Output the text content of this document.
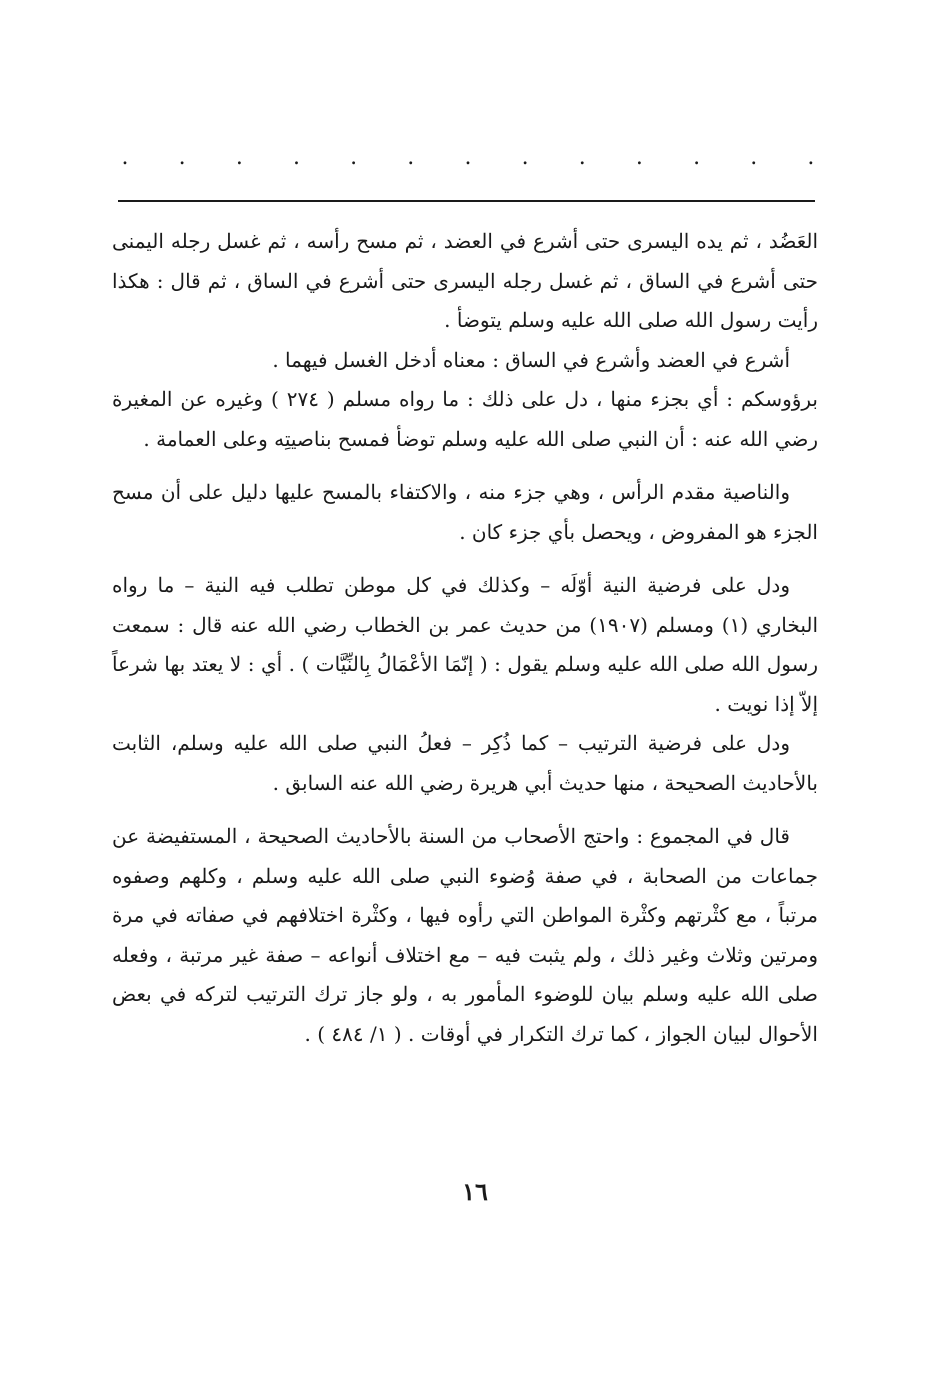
. . . . . . . . . . . . .

العَضُد ، ثم يده اليسرى حتى أشرع في العضد ، ثم مسح رأسه ، ثم غسل رجله اليمنى حتى أشرع في الساق ، ثم غسل رجله اليسرى حتى أشرع في الساق ، ثم قال : هكذا رأيت رسول الله صلى الله عليه وسلم يتوضأ .

أشرع في العضد وأشرع في الساق : معناه أدخل الغسل فيهما .

برؤوسكم : أي بجزء منها ، دل على ذلك : ما رواه مسلم ( ٢٧٤ ) وغيره عن المغيرة رضي الله عنه : أن النبي صلى الله عليه وسلم توضأ فمسح بناصيتِه وعلى العمامة .

والناصية مقدم الرأس ، وهي جزء منه ، والاكتفاء بالمسح عليها دليل على أن مسح الجزء هو المفروض ، ويحصل بأي جزء كان .

ودل على فرضية النية أوّلَه – وكذلك في كل موطن تطلب فيه النية – ما رواه البخاري (١) ومسلم (١٩٠٧) من حديث عمر بن الخطاب رضي الله عنه قال : سمعت رسول الله صلى الله عليه وسلم يقول : ( إنّمَا الأعْمَالُ بِالنِّيَّات ) . أي : لا يعتد بها شرعاً إلاّ إذا نويت .

ودل على فرضية الترتيب – كما ذُكِر – فعلُ النبي صلى الله عليه وسلم، الثابت بالأحاديث الصحيحة ، منها حديث أبي هريرة رضي الله عنه السابق .

قال في المجموع : واحتج الأصحاب من السنة بالأحاديث الصحيحة ، المستفيضة عن جماعات من الصحابة ، في صفة وُضوء النبي صلى الله عليه وسلم ، وكلهم وصفوه مرتباً ، مع كثْرتهم وكثْرة المواطن التي رأوه فيها ، وكثْرة اختلافهم في صفاته في مرة ومرتين وثلاث وغير ذلك ، ولم يثبت فيه – مع اختلاف أنواعه – صفة غير مرتبة ، وفعله صلى الله عليه وسلم بيان للوضوء المأمور به ، ولو جاز ترك الترتيب لتركه في بعض الأحوال لبيان الجواز ، كما ترك التكرار في أوقات . ( ١/ ٤٨٤ ) .

١٦
